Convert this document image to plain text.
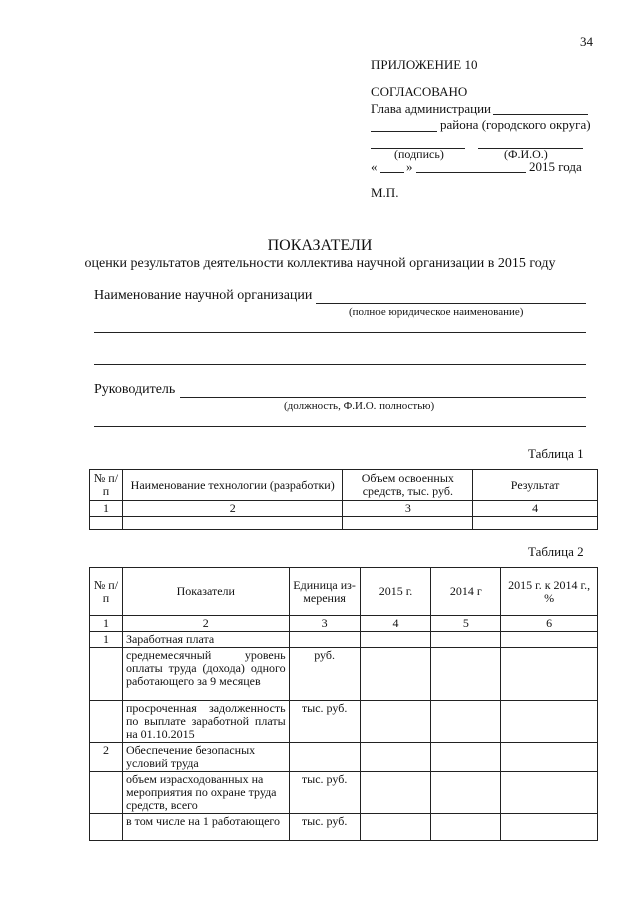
34
ПРИЛОЖЕНИЕ 10
СОГЛАСОВАНО
Глава администрации
района (городского округа)
(подпись)	(Ф.И.О.)
« »	2015 года
М.П.
ПОКАЗАТЕЛИ
оценки результатов деятельности коллектива научной организации в 2015 году
Наименование научной организации
(полное юридическое наименование)
Руководитель
(должность, Ф.И.О. полностью)
Таблица 1
№ п/п	Наименование технологии (разработки)	Объем освоенных средств, тыс. руб.	Результат
1	2	3	4

Таблица 2
№ п/п	Показатели	Единица из- мерения	2015 г.	2014 г	2015 г. к 2014 г., %
1	2	3	4	5	6
1	Заработная плата				
	среднемесячный уровень оплаты труда (дохода) одного работающего за 9 месяцев	руб.			
	просроченная задолженность по выплате заработной платы на 01.10.2015	тыс. руб.			
2	Обеспечение безопасных условий труда				
	объем израсходованных на мероприятия по охране труда средств, всего	тыс. руб.			
	в том числе на 1 работающего	тыс. руб.			
